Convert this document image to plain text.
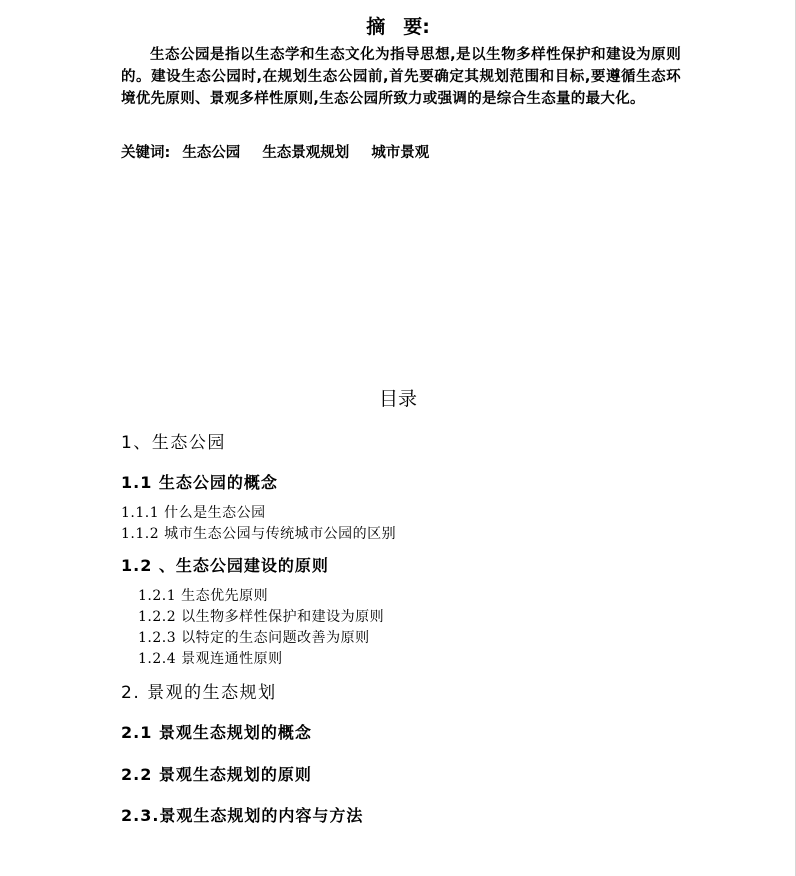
摘 要:
生态公园是指以生态学和生态文化为指导思想,是以生物多样性保护和建设为原则的。建设生态公园时,在规划生态公园前,首先要确定其规划范围和目标,要遵循生态环境优先原则、景观多样性原则,生态公园所致力或强调的是综合生态量的最大化。
关键词: 生态公园 生态景观规划 城市景观
目录
1、生态公园
1.1 生态公园的概念
1.1.1 什么是生态公园
1.1.2 城市生态公园与传统城市公园的区别
1.2 、生态公园建设的原则
1.2.1 生态优先原则
1.2.2 以生物多样性保护和建设为原则
1.2.3 以特定的生态问题改善为原则
1.2.4 景观连通性原则
2. 景观的生态规划
2.1 景观生态规划的概念
2.2 景观生态规划的原则
2.3.景观生态规划的内容与方法
